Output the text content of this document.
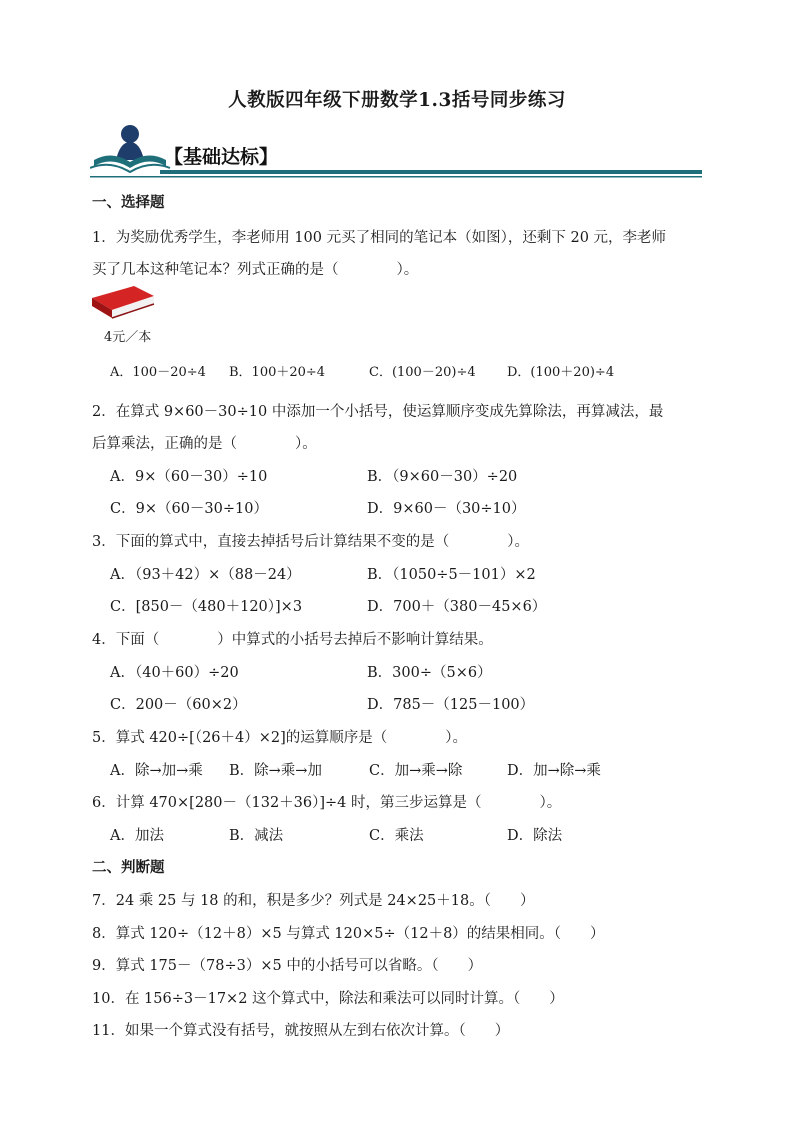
人教版四年级下册数学1.3括号同步练习
【基础达标】
一、选择题
1．为奖励优秀学生，李老师用 100 元买了相同的笔记本（如图），还剩下 20 元，李老师
买了几本这种笔记本？列式正确的是（　　　　）。
4元／本
A．100－20÷4 B．100＋20÷4	C．(100－20)÷4 D．(100＋20)÷4
2．在算式 9×60－30÷10 中添加一个小括号，使运算顺序变成先算除法，再算减法，最
后算乘法，正确的是（　　　　）。
A．9×（60－30）÷10	B．（9×60－30）÷20
C．9×（60－30÷10）	D．9×60－（30÷10）
3．下面的算式中，直接去掉括号后计算结果不变的是（　　　　）。
A．（93＋42）×（88－24）	B．（1050÷5－101）×2
C．[850－（480＋120）]×3	D．700＋（380－45×6）
4．下面（　　　　）中算式的小括号去掉后不影响计算结果。
A．（40＋60）÷20	B．300÷（5×6）
C．200－（60×2）	D．785－（125－100）
5．算式 420÷[（26＋4）×2]的运算顺序是（　　　　）。
A．除→加→乘 B．除→乘→加	C．加→乘→除	D．加→除→乘
6．计算 470×[280－（132＋36）]÷4 时，第三步运算是（　　　　）。
A．加法	B．减法	C．乘法	D．除法
二、判断题
7．24 乘 25 与 18 的和，积是多少？列式是 24×25＋18。（　　）
8．算式 120÷（12＋8）×5 与算式 120×5÷（12＋8）的结果相同。（　　）
9．算式 175－（78÷3）×5 中的小括号可以省略。（　　）
10．在 156÷3－17×2 这个算式中，除法和乘法可以同时计算。（　　）
11．如果一个算式没有括号，就按照从左到右依次计算。（　　）
